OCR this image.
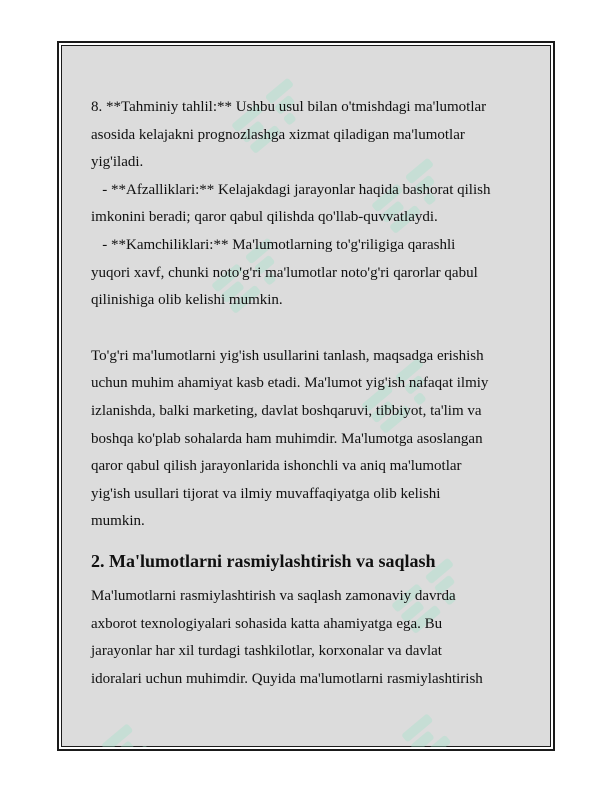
8. **Tahminiy tahlil:** Ushbu usul bilan o'tmishdagi ma'lumotlar

asosida kelajakni prognozlashga xizmat qiladigan ma'lumotlar

yig'iladi.

- **Afzalliklari:** Kelajakdagi jarayonlar haqida bashorat qilish

imkonini beradi; qaror qabul qilishda qo'llab-quvvatlaydi.

- **Kamchiliklari:** Ma'lumotlarning to'g'riligiga qarashli

yuqori xavf, chunki noto'g'ri ma'lumotlar noto'g'ri qarorlar qabul

qilinishiga olib kelishi mumkin.

To'g'ri ma'lumotlarni yig'ish usullarini tanlash, maqsadga erishish

uchun muhim ahamiyat kasb etadi. Ma'lumot yig'ish nafaqat ilmiy

izlanishda, balki marketing, davlat boshqaruvi, tibbiyot, ta'lim va

boshqa ko'plab sohalarda ham muhimdir. Ma'lumotga asoslangan

qaror qabul qilish jarayonlarida ishonchli va aniq ma'lumotlar

yig'ish usullari tijorat va ilmiy muvaffaqiyatga olib kelishi

mumkin.

2. Ma'lumotlarni rasmiylashtirish va saqlash

Ma'lumotlarni rasmiylashtirish va saqlash zamonaviy davrda

axborot texnologiyalari sohasida katta ahamiyatga ega. Bu

jarayonlar har xil turdagi tashkilotlar, korxonalar va davlat

idoralari uchun muhimdir. Quyida ma'lumotlarni rasmiylashtirish
